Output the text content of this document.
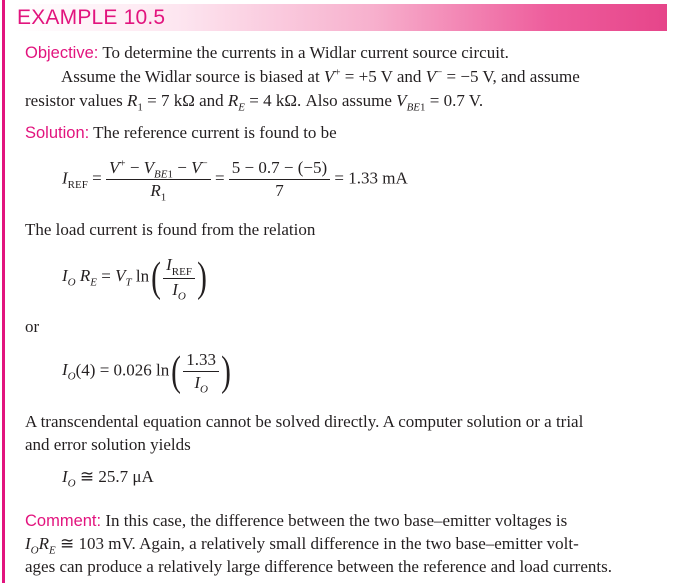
EXAMPLE 10.5
Objective: To determine the currents in a Widlar current source circuit.
Assume the Widlar source is biased at V+ = +5 V and V− = −5 V, and assume
resistor values $R_1 = 7$ kΩ and $R_E = 4$ kΩ. Also assume $V_{BE1} = 0.7$ V.
Solution: The reference current is found to be
$I_{REF} = \frac{V^+ - V_{BE1} - V^-}{R_1} = \frac{5 - 0.7 - (-5)}{7} = 1.33$ mA
The load current is found from the relation
$I_O$ $R_E = V_T$ $\ln( \frac{I_{REF}}{I_O}$ )
or
$I_O(4) = 0.026$ $\ln( \frac{1.33}{I_O}$ )
A transcendental equation cannot be solved directly. A computer solution or a trial
and error solution yields
$I_O$ ≅ 25.7 μA
Comment: In this case, the difference between the two base–emitter voltages is
$I_OR_E$ ≅ 103 mV. Again, a relatively small difference in the two base–emitter volt-
ages can produce a relatively large difference between the reference and load currents.
